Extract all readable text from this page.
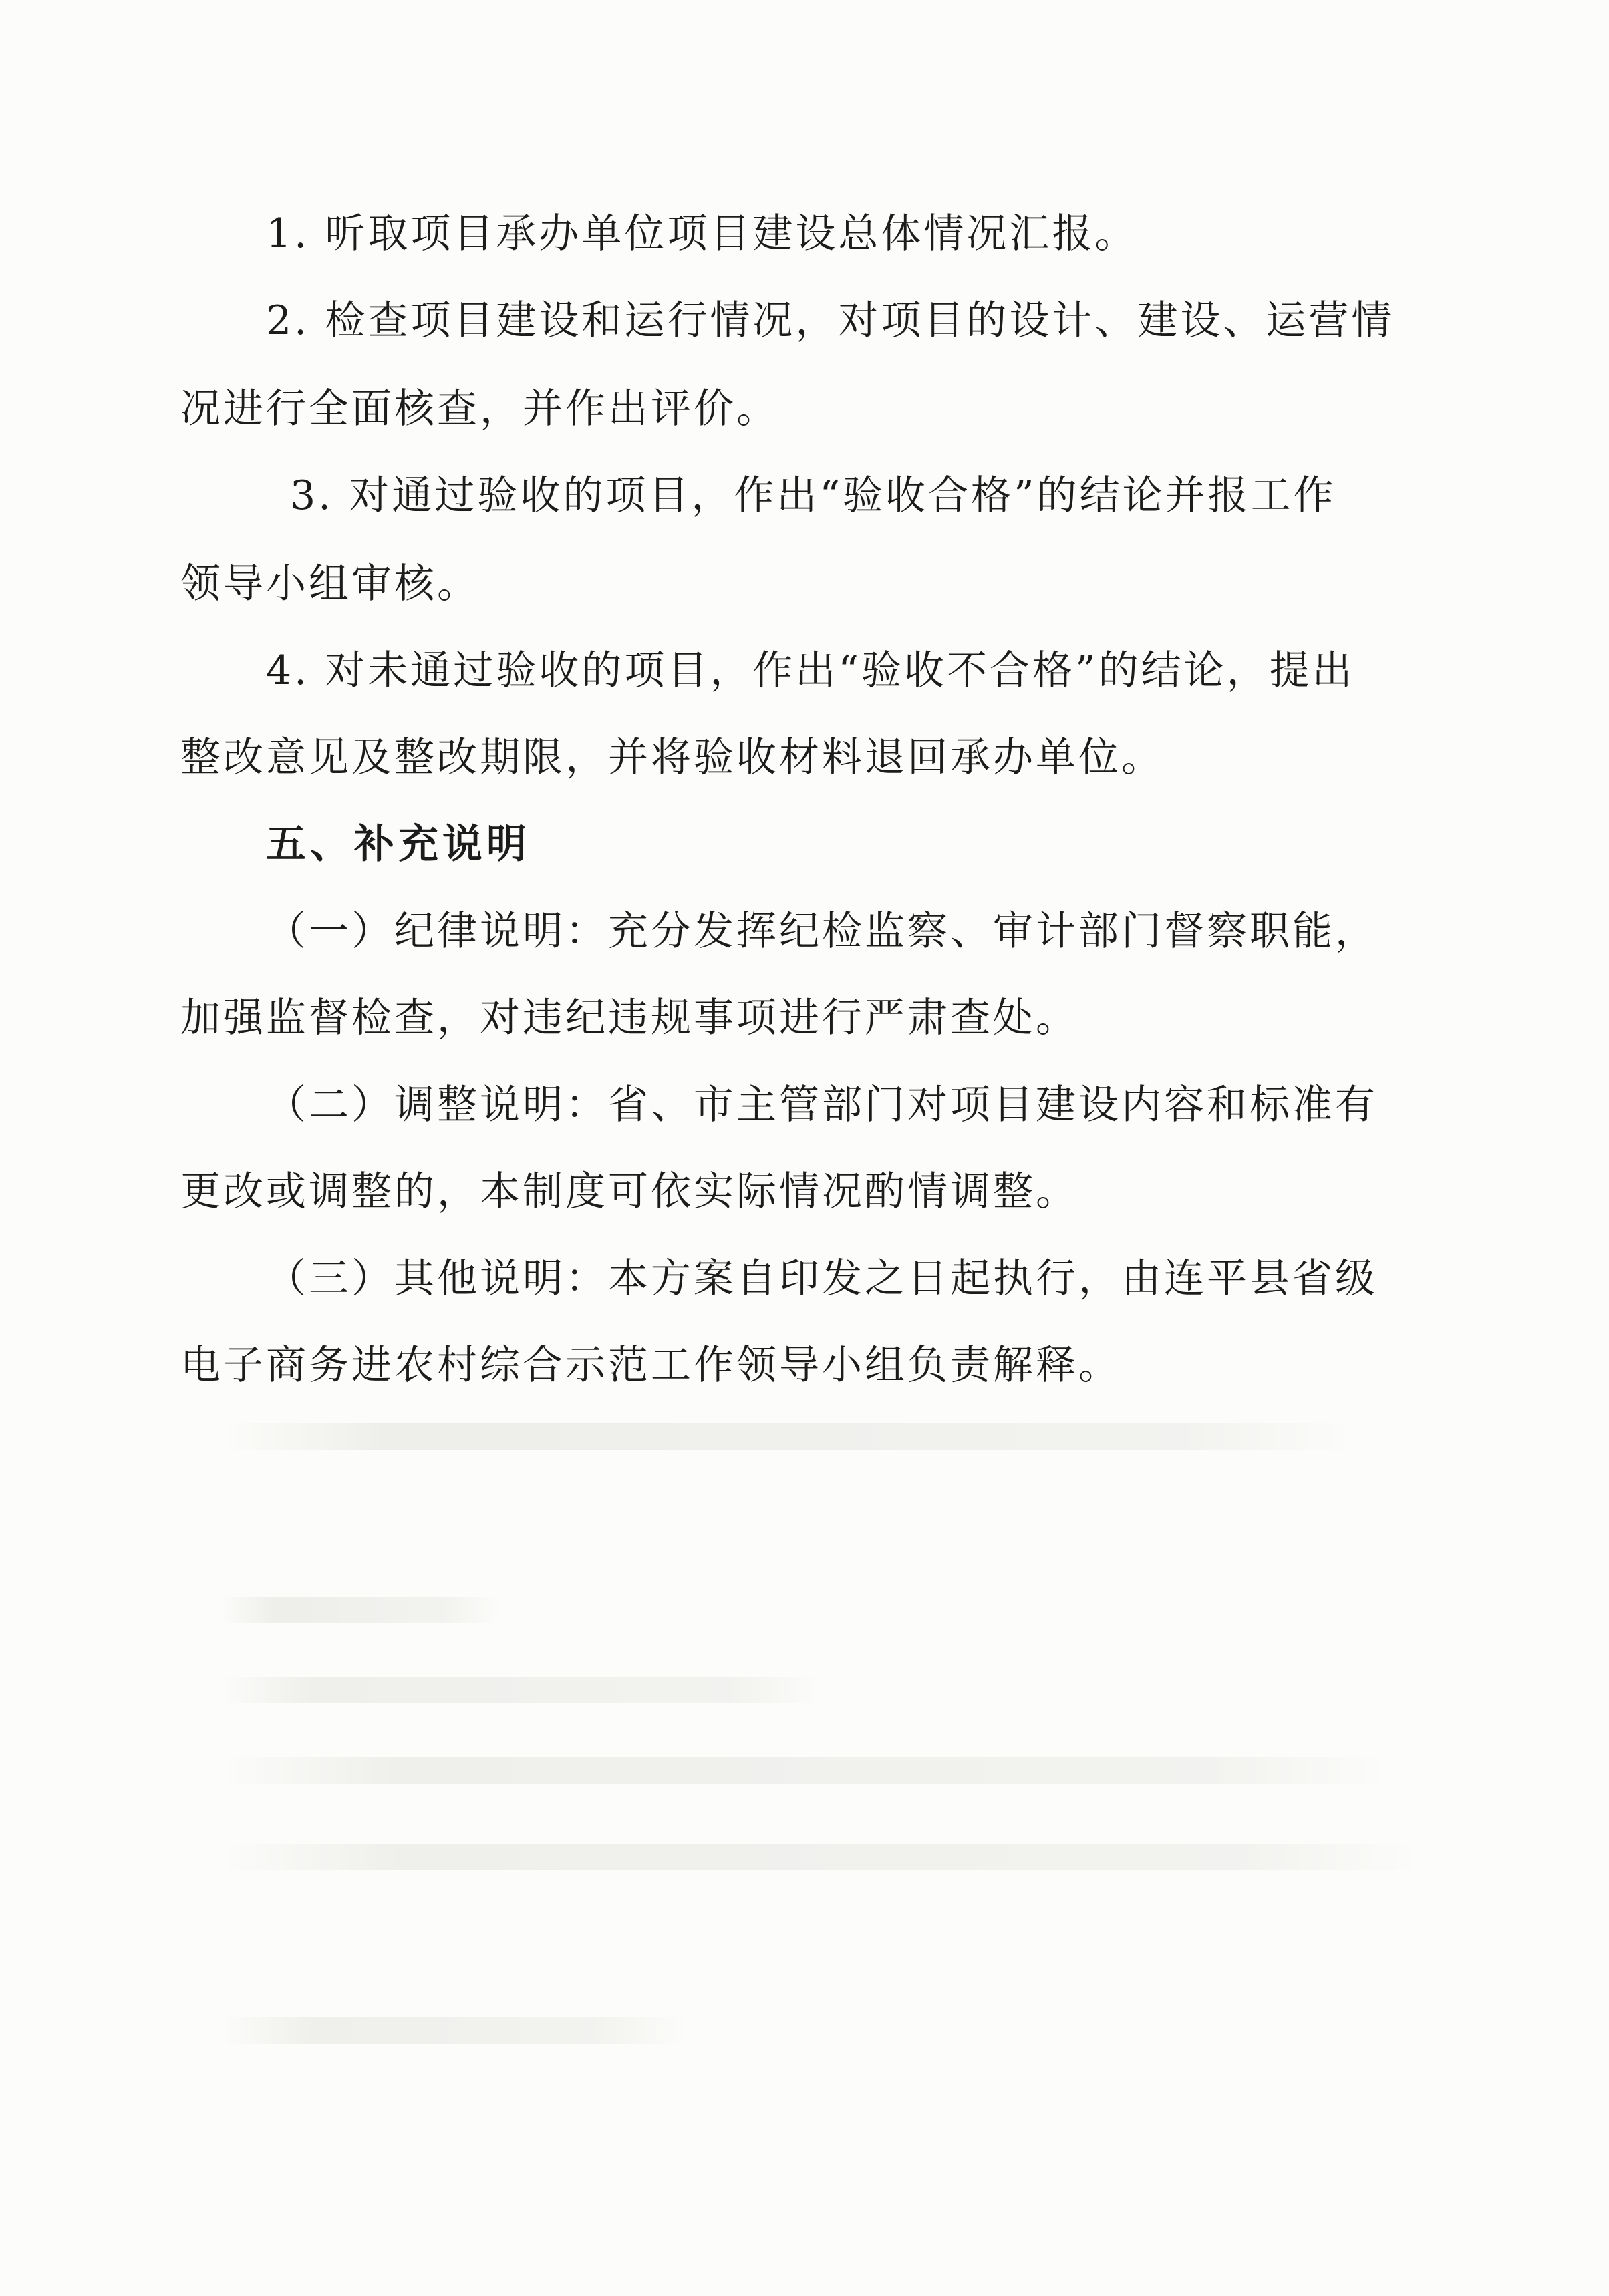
1. 听取项目承办单位项目建设总体情况汇报。
2. 检查项目建设和运行情况，对项目的设计、建设、运营情
况进行全面核查，并作出评价。
3. 对通过验收的项目，作出“验收合格”的结论并报工作
领导小组审核。
4. 对未通过验收的项目，作出“验收不合格”的结论，提出
整改意见及整改期限，并将验收材料退回承办单位。
五、补充说明
（一）纪律说明：充分发挥纪检监察、审计部门督察职能，
加强监督检查，对违纪违规事项进行严肃查处。
（二）调整说明：省、市主管部门对项目建设内容和标准有
更改或调整的，本制度可依实际情况酌情调整。
（三）其他说明：本方案自印发之日起执行，由连平县省级
电子商务进农村综合示范工作领导小组负责解释。
